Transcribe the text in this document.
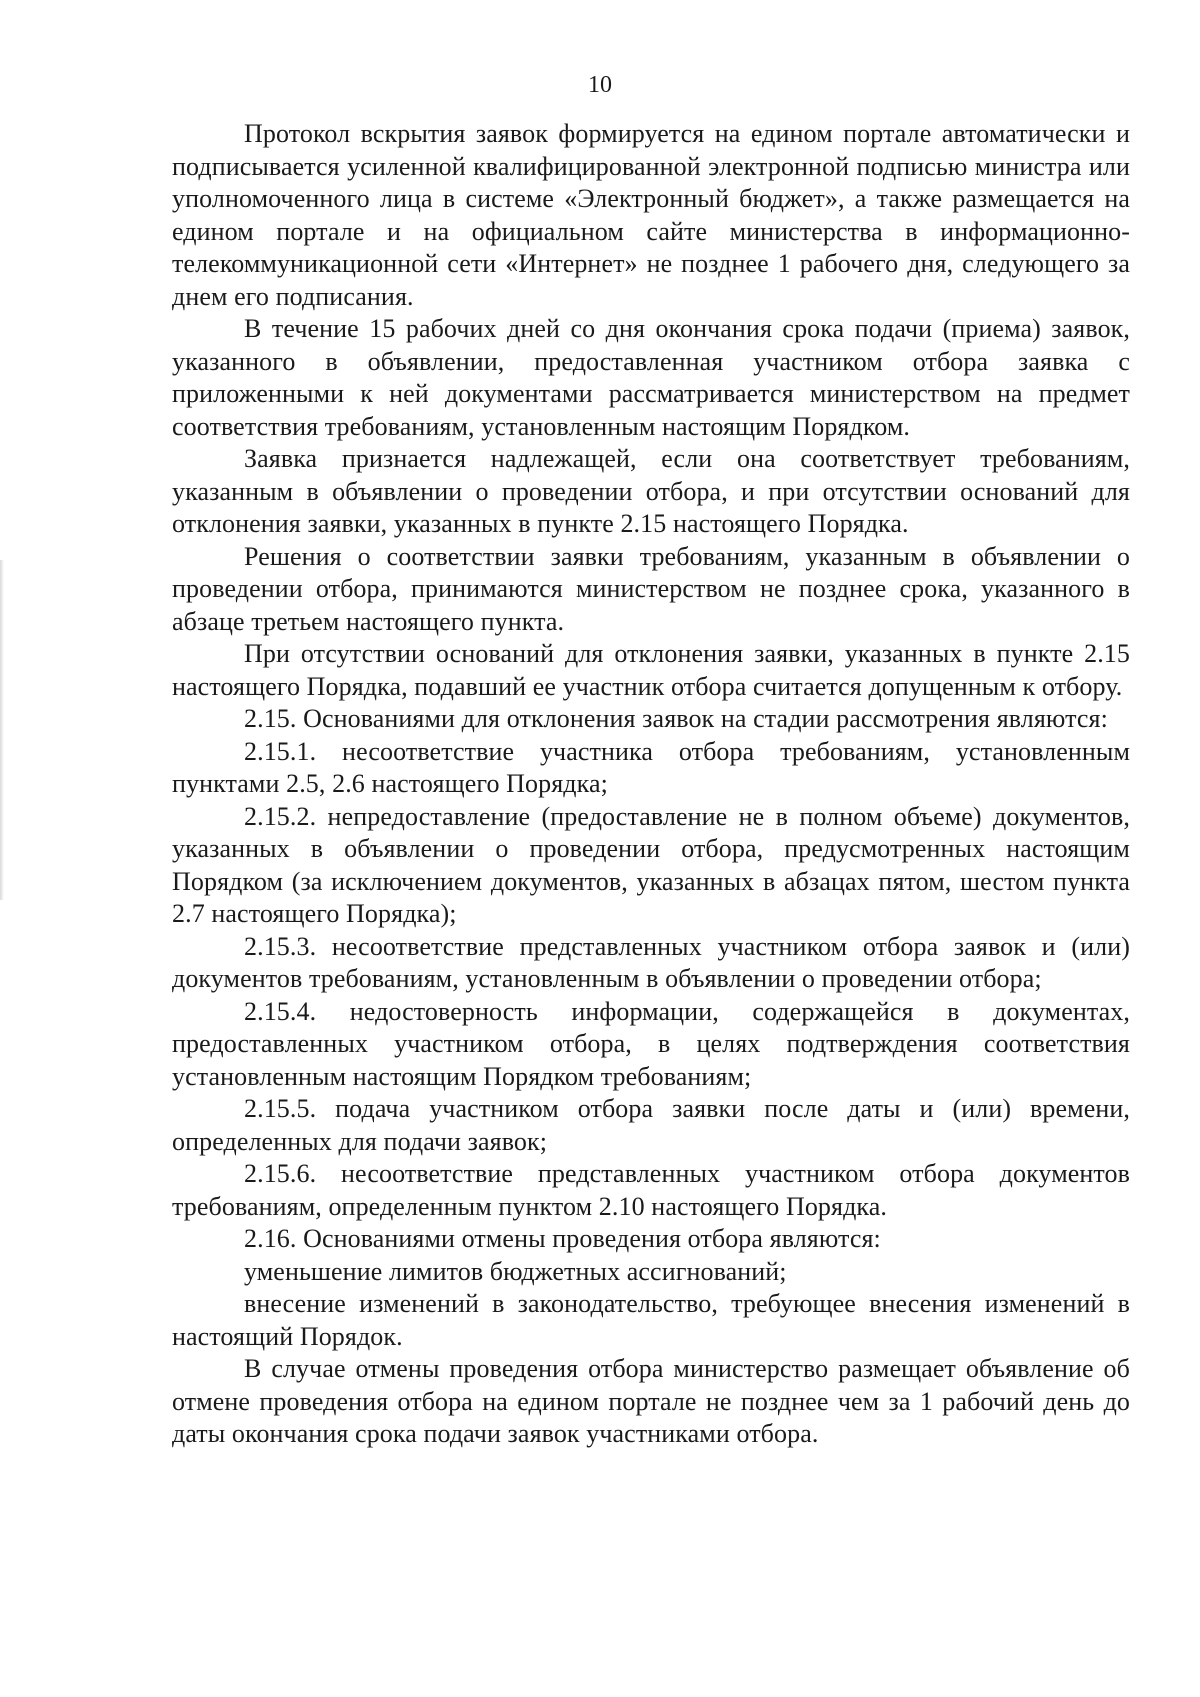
10

Протокол вскрытия заявок формируется на едином портале автоматически и подписывается усиленной квалифицированной электронной подписью министра или уполномоченного лица в системе «Электронный бюджет», а также размещается на едином портале и на официальном сайте министерства в информационно-телекоммуникационной сети «Интернет» не позднее 1 рабочего дня, следующего за днем его подписания.

В течение 15 рабочих дней со дня окончания срока подачи (приема) заявок, указанного в объявлении, предоставленная участником отбора заявка с приложенными к ней документами рассматривается министерством на предмет соответствия требованиям, установленным настоящим Порядком.

Заявка признается надлежащей, если она соответствует требованиям, указанным в объявлении о проведении отбора, и при отсутствии оснований для отклонения заявки, указанных в пункте 2.15 настоящего Порядка.

Решения о соответствии заявки требованиям, указанным в объявлении о проведении отбора, принимаются министерством не позднее срока, указанного в абзаце третьем настоящего пункта.

При отсутствии оснований для отклонения заявки, указанных в пункте 2.15 настоящего Порядка, подавший ее участник отбора считается допущенным к отбору.

2.15. Основаниями для отклонения заявок на стадии рассмотрения являются:

2.15.1. несоответствие участника отбора требованиям, установленным пунктами 2.5, 2.6 настоящего Порядка;

2.15.2. непредоставление (предоставление не в полном объеме) документов, указанных в объявлении о проведении отбора, предусмотренных настоящим Порядком (за исключением документов, указанных в абзацах пятом, шестом пункта 2.7 настоящего Порядка);

2.15.3. несоответствие представленных участником отбора заявок и (или) документов требованиям, установленным в объявлении о проведении отбора;

2.15.4. недостоверность информации, содержащейся в документах, предоставленных участником отбора, в целях подтверждения соответствия установленным настоящим Порядком требованиям;

2.15.5. подача участником отбора заявки после даты и (или) времени, определенных для подачи заявок;

2.15.6. несоответствие представленных участником отбора документов требованиям, определенным пунктом 2.10 настоящего Порядка.

2.16. Основаниями отмены проведения отбора являются:

уменьшение лимитов бюджетных ассигнований;

внесение изменений в законодательство, требующее внесения изменений в настоящий Порядок.

В случае отмены проведения отбора министерство размещает объявление об отмене проведения отбора на едином портале не позднее чем за 1 рабочий день до даты окончания срока подачи заявок участниками отбора.
